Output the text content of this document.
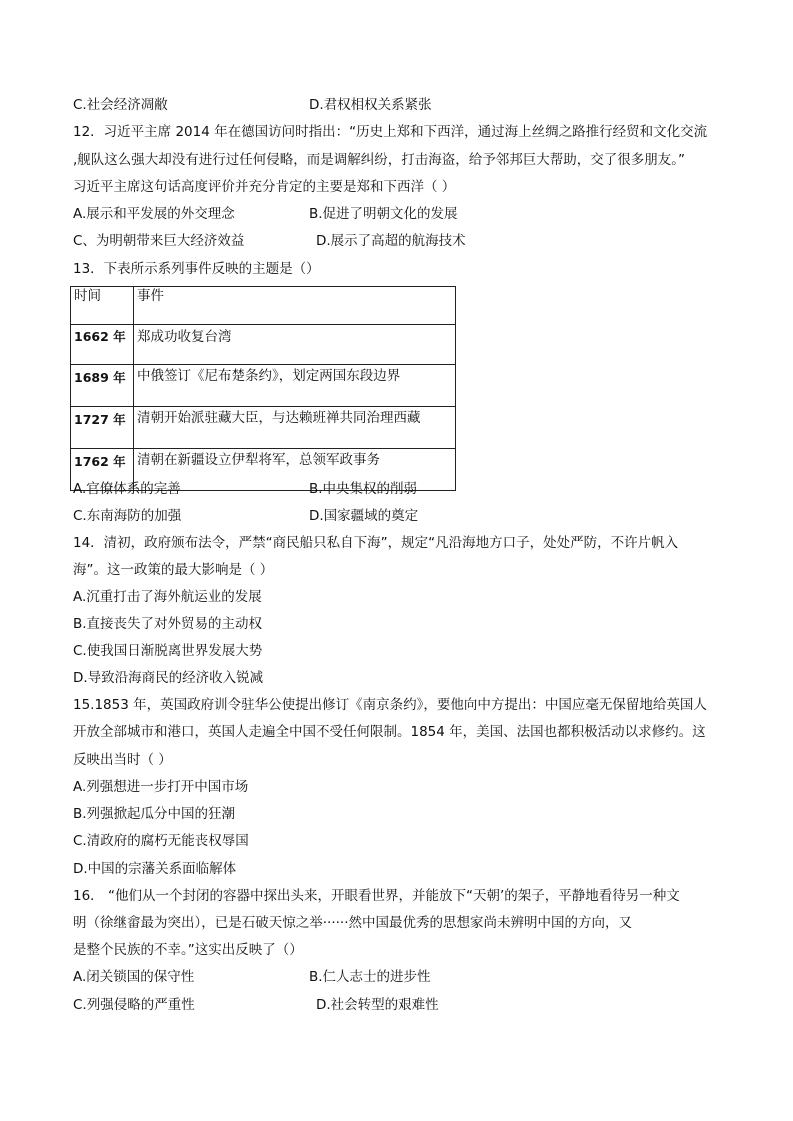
C.社会经济凋敝	D.君权相权关系紧张
12．习近平主席 2014 年在德国访问时指出：“历史上郑和下西洋，通过海上丝绸之路推行经贸和文化交流
,舰队这么强大却没有进行过任何侵略，而是调解纠纷，打击海盗，给予邻邦巨大帮助，交了很多朋友。”
习近平主席这句话高度评价并充分肯定的主要是郑和下西洋（ ）
A.展示和平发展的外交理念	B.促进了明朝文化的发展
C、为明朝带来巨大经济效益	D.展示了高超的航海技术
13．下表所示系列事件反映的主题是（）
时间	事件
1662 年	郑成功收复台湾
1689 年	中俄签订《尼布楚条约》，划定两国东段边界
1727 年	清朝开始派驻藏大臣，与达赖班禅共同治理西藏
1762 年	清朝在新疆设立伊犁将军，总领军政事务
A.官僚体系的完善	B.中央集权的削弱
C.东南海防的加强	D.国家疆域的奠定
14．清初，政府颁布法令，严禁“商民船只私自下海”，规定“凡沿海地方口子，处处严防，不许片帆入
海”。这一政策的最大影响是（ ）
A.沉重打击了海外航运业的发展
B.直接丧失了对外贸易的主动权
C.使我国日渐脱离世界发展大势
D.导致沿海商民的经济收入锐减
15.1853 年，英国政府训令驻华公使提出修订《南京条约》，要他向中方提出：中国应毫无保留地给英国人
开放全部城市和港口，英国人走遍全中国不受任何限制。1854 年，美国、法国也都积极活动以求修约。这
反映出当时（ ）
A.列强想进一步打开中国市场
B.列强掀起瓜分中国的狂潮
C.清政府的腐朽无能丧权辱国
D.中国的宗藩关系面临解体
16． “他们从一个封闭的容器中探出头来，开眼看世界，并能放下“天朝’的架子，平静地看待另一种文
明（徐继畲最为突出），已是石破天惊之举······然中国最优秀的思想家尚未辨明中国的方向，又
是整个民族的不幸。”这实出反映了（）
A.闭关锁国的保守性	B.仁人志士的进步性
C.列强侵略的严重性	D.社会转型的艰难性
